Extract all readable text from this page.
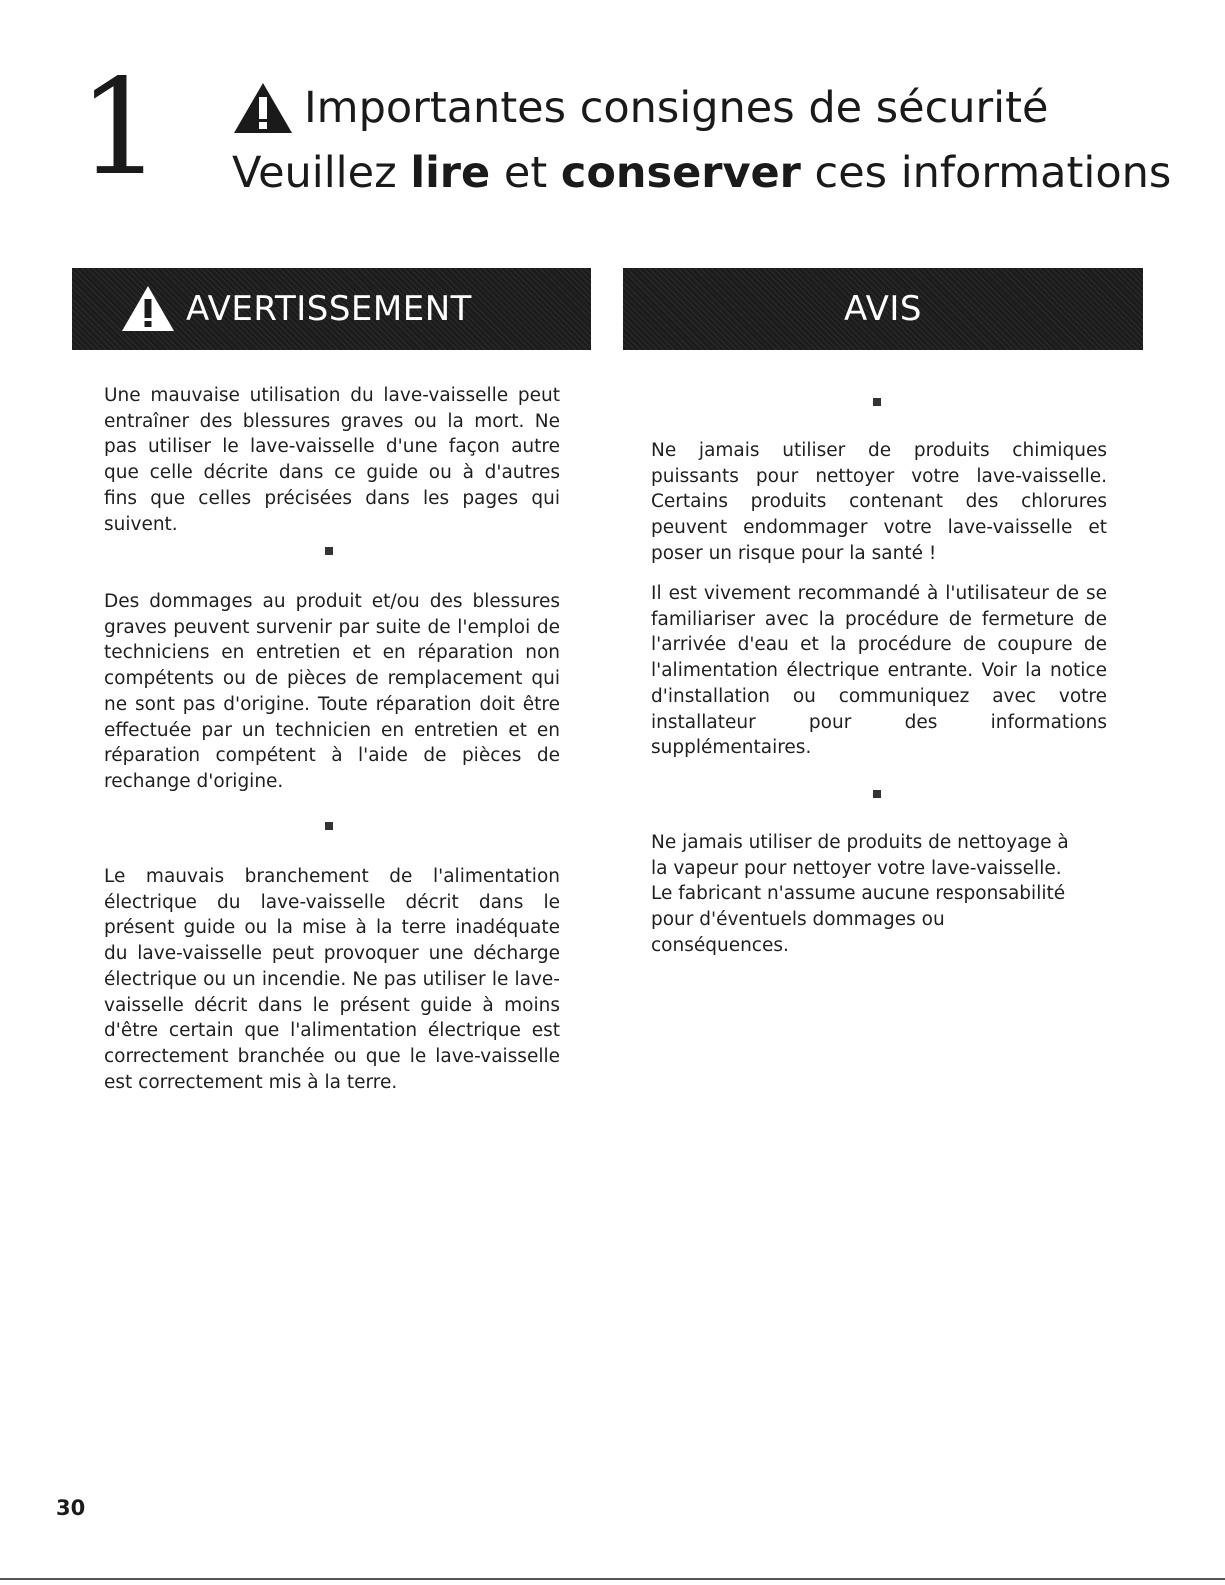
1	Importantes consignes de sécurité
Veuillez lire et conserver ces informations
AVERTISSEMENT	AVIS

Une mauvaise utilisation du lave-vaisselle peut entraîner des blessures graves ou la mort. Ne pas utiliser le lave-vaisselle d'une façon autre que celle décrite dans ce guide ou à d'autres fins que celles précisées dans les pages qui suivent.

Des dommages au produit et/ou des blessures graves peuvent survenir par suite de l'emploi de techniciens en entretien et en réparation non compétents ou de pièces de remplacement qui ne sont pas d'origine. Toute réparation doit être effectuée par un technicien en entretien et en réparation compétent à l'aide de pièces de rechange d'origine.

Le mauvais branchement de l'alimentation électrique du lave-vaisselle décrit dans le présent guide ou la mise à la terre inadéquate du lave-vaisselle peut provoquer une décharge électrique ou un incendie. Ne pas utiliser le lave-vaisselle décrit dans le présent guide à moins d'être certain que l'alimentation électrique est correctement branchée ou que le lave-vaisselle est correctement mis à la terre.

Ne jamais utiliser de produits chimiques puissants pour nettoyer votre lave-vaisselle. Certains produits contenant des chlorures peuvent endommager votre lave-vaisselle et poser un risque pour la santé !

Il est vivement recommandé à l'utilisateur de se familiariser avec la procédure de fermeture de l'arrivée d'eau et la procédure de coupure de l'alimentation électrique entrante. Voir la notice d'installation ou communiquez avec votre installateur pour des informations supplémentaires.

Ne jamais utiliser de produits de nettoyage à la vapeur pour nettoyer votre lave-vaisselle. Le fabricant n'assume aucune responsabilité pour d'éventuels dommages ou conséquences.

30
